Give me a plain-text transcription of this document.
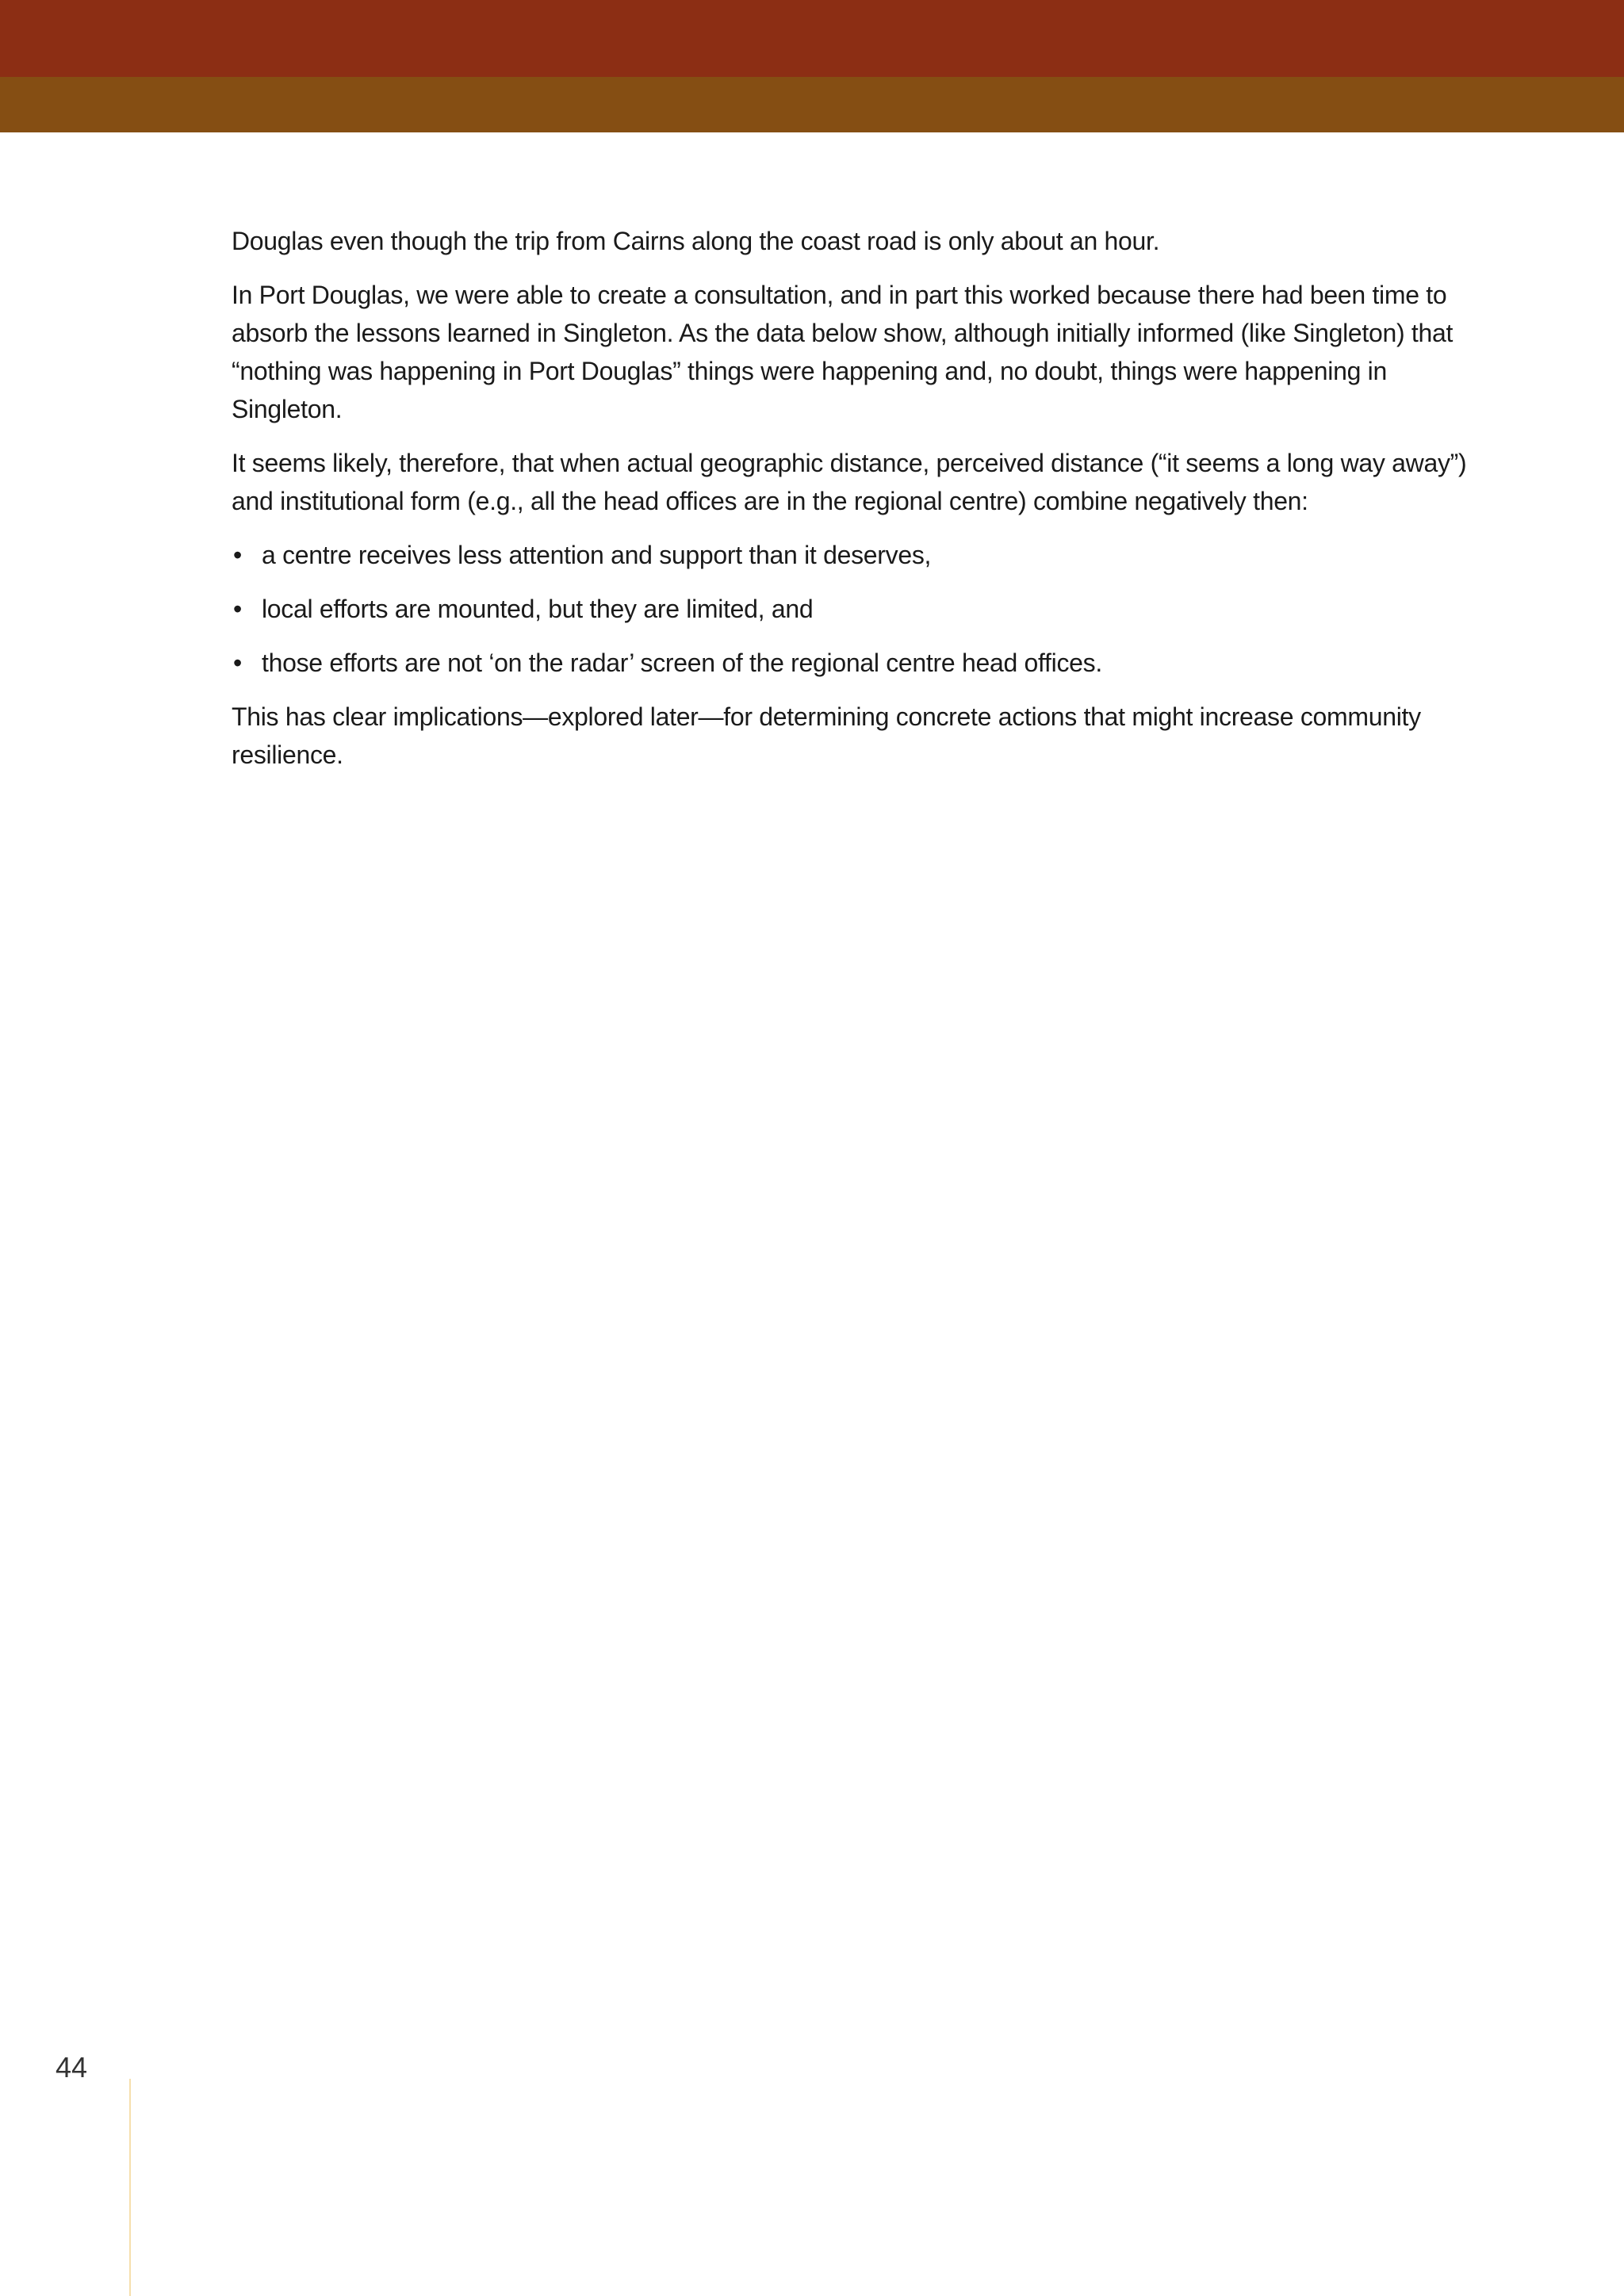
Douglas even though the trip from Cairns along the coast road is only about an hour.

In Port Douglas, we were able to create a consultation, and in part this worked because there had been time to absorb the lessons learned in Singleton. As the data below show, although initially informed (like Singleton) that “nothing was happening in Port Douglas” things were happening and, no doubt, things were happening in Singleton.

It seems likely, therefore, that when actual geographic distance, perceived distance (“it seems a long way away”) and institutional form (e.g., all the head offices are in the regional centre) combine negatively then:

• a centre receives less attention and support than it deserves,
• local efforts are mounted, but they are limited, and
• those efforts are not ‘on the radar’ screen of the regional centre head offices.

This has clear implications—explored later—for determining concrete actions that might increase community resilience.

44
